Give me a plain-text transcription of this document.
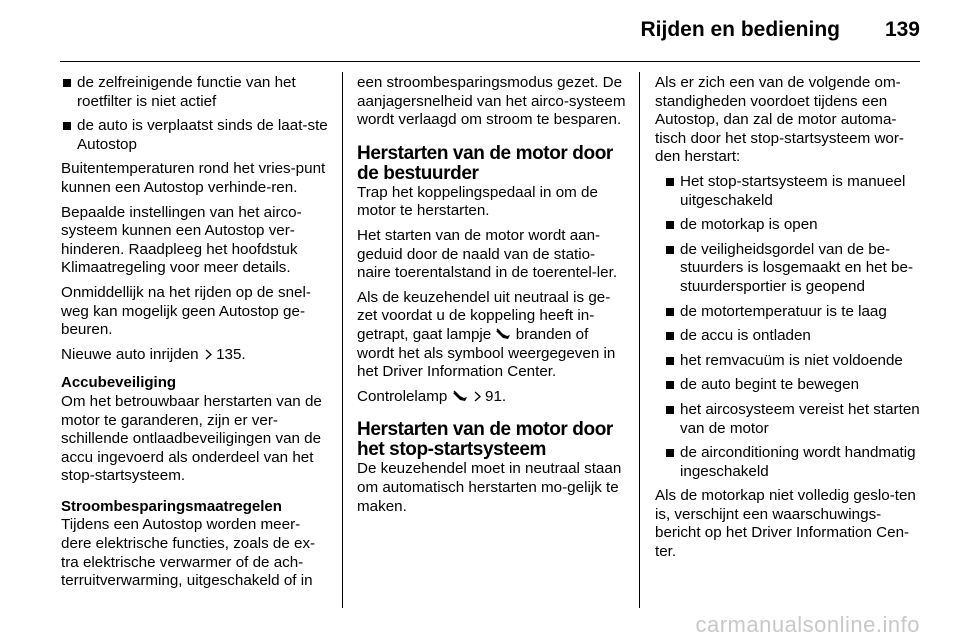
Rijden en bediening 139
de zelfreinigende functie van het roetfilter is niet actief
de auto is verplaatst sinds de laat‐ste Autostop

Buitentemperaturen rond het vries‐punt kunnen een Autostop verhinde‐ren.

Bepaalde instellingen van het airco‐systeem kunnen een Autostop ver‐hinderen. Raadpleeg het hoofdstuk Klimaatregeling voor meer details.

Onmiddellijk na het rijden op de snel‐weg kan mogelijk geen Autostop ge‐beuren.

Nieuwe auto inrijden 135.

Accubeveiliging

Om het betrouwbaar herstarten van de motor te garanderen, zijn er ver‐schillende ontlaadbeveiligingen van de accu ingevoerd als onderdeel van het stop-startsysteem.

Stroombesparingsmaatregelen

Tijdens een Autostop worden meer‐dere elektrische functies, zoals de ex‐tra elektrische verwarmer of de ach‐terruitverwarming, uitgeschakeld of in

een stroombesparingsmodus gezet. De aanjagersnelheid van het airco‐systeem wordt verlaagd om stroom te besparen.

Herstarten van de motor door de bestuurder

Trap het koppelingspedaal in om de motor te herstarten.

Het starten van de motor wordt aan‐geduid door de naald van de statio‐naire toerentalstand in de toerentel‐ler.

Als de keuzehendel uit neutraal is ge‐zet voordat u de koppeling heeft in‐getrapt, gaat lampje branden of wordt het als symbool weergegeven in het Driver Information Center.

Controlelamp 91.

Herstarten van de motor door het stop-startsysteem

De keuzehendel moet in neutraal staan om automatisch herstarten mo‐gelijk te maken.

Als er zich een van de volgende om‐standigheden voordoet tijdens een Autostop, dan zal de motor automa‐tisch door het stop-startsysteem wor‐den herstart:

Het stop-startsysteem is manueel uitgeschakeld
de motorkap is open
de veiligheidsgordel van de be‐stuurders is losgemaakt en het be‐stuurdersportier is geopend
de motortemperatuur is te laag
de accu is ontladen
het remvacuüm is niet voldoende
de auto begint te bewegen
het aircosysteem vereist het starten van de motor
de airconditioning wordt handmatig ingeschakeld

Als de motorkap niet volledig geslo‐ten is, verschijnt een waarschuwings‐bericht op het Driver Information Cen‐ter.

carmanualsonline.info
